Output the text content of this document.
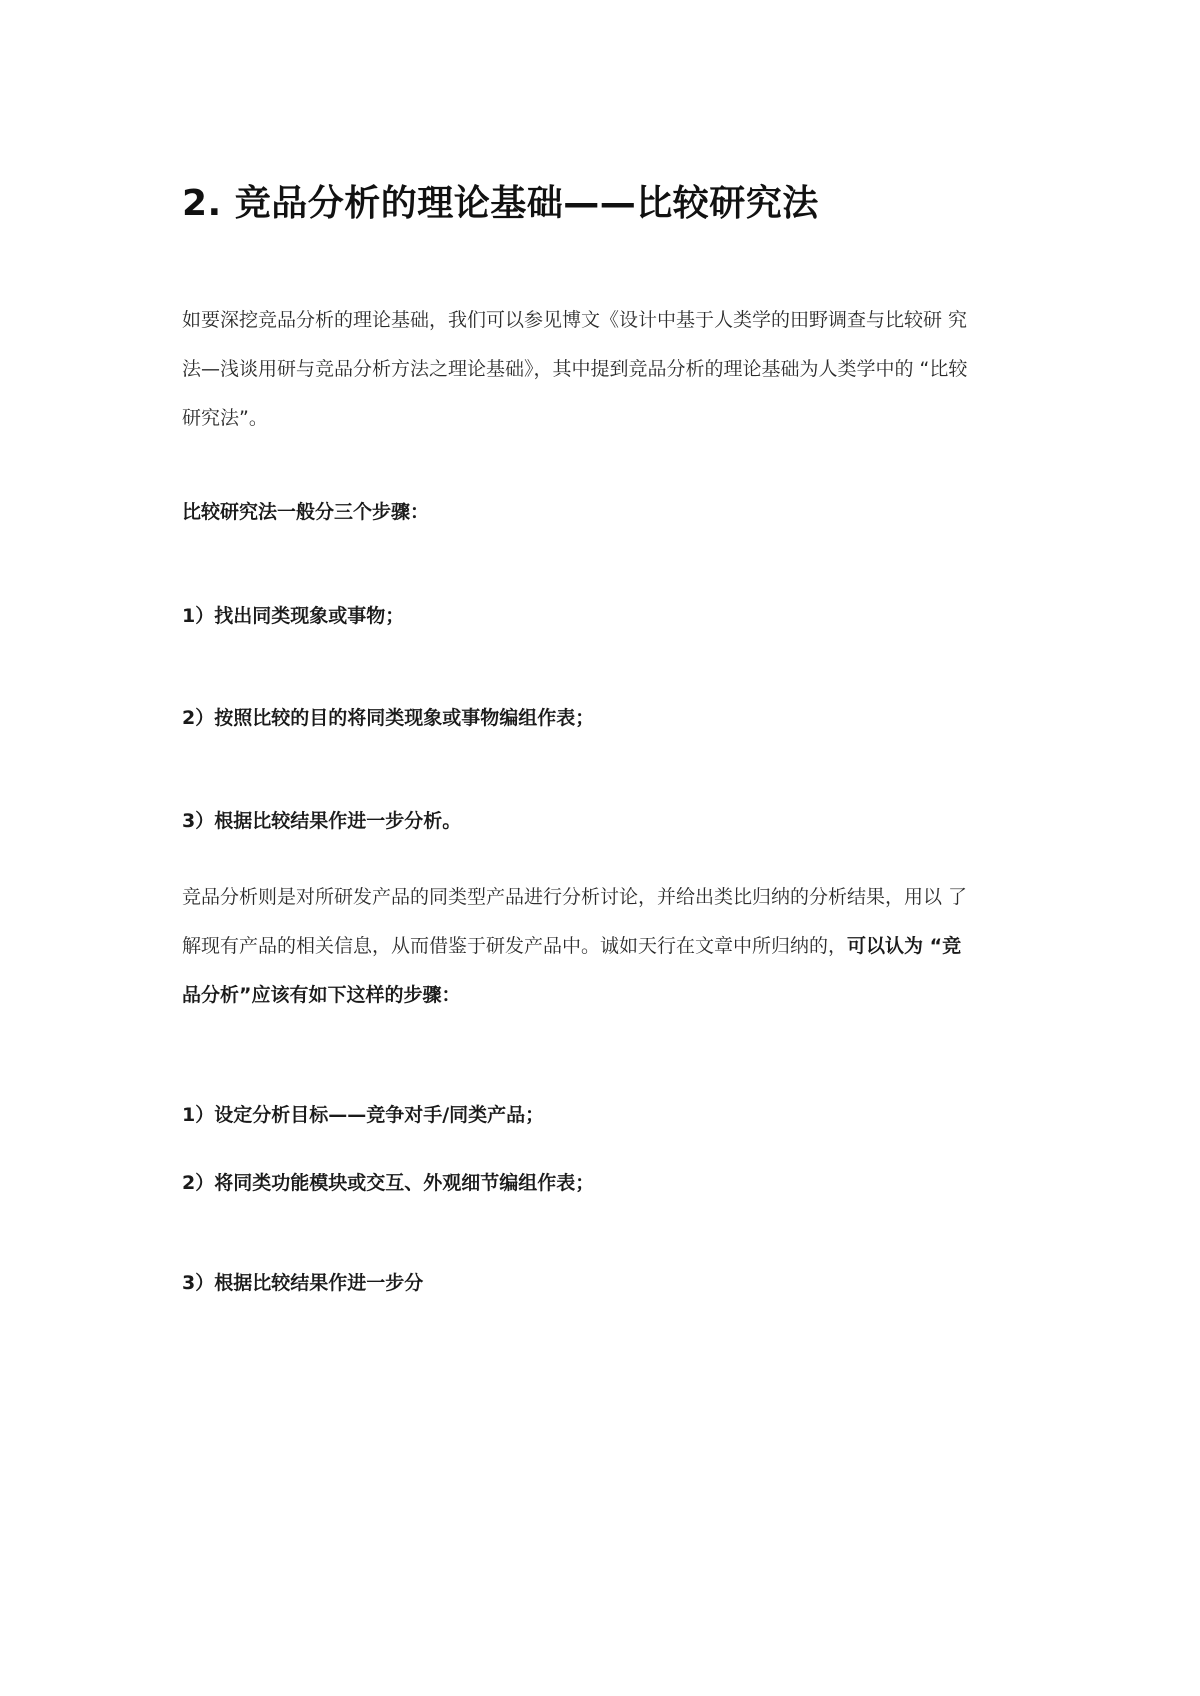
2. 竞品分析的理论基础——比较研究法

如要深挖竞品分析的理论基础，我们可以参见博文《设计中基于人类学的田野调查与比较研 究

法—浅谈用研与竞品分析方法之理论基础》，其中提到竞品分析的理论基础为人类学中的 “比较

研究法”。

比较研究法一般分三个步骤：

1）找出同类现象或事物；

2）按照比较的目的将同类现象或事物编组作表；

3）根据比较结果作进一步分析。

竞品分析则是对所研发产品的同类型产品进行分析讨论，并给出类比归纳的分析结果，用以 了

解现有产品的相关信息，从而借鉴于研发产品中。诚如天行在文章中所归纳的，可以认为 “竞

品分析”应该有如下这样的步骤：

1）设定分析目标——竞争对手/同类产品；

2）将同类功能模块或交互、外观细节编组作表；

3）根据比较结果作进一步分
